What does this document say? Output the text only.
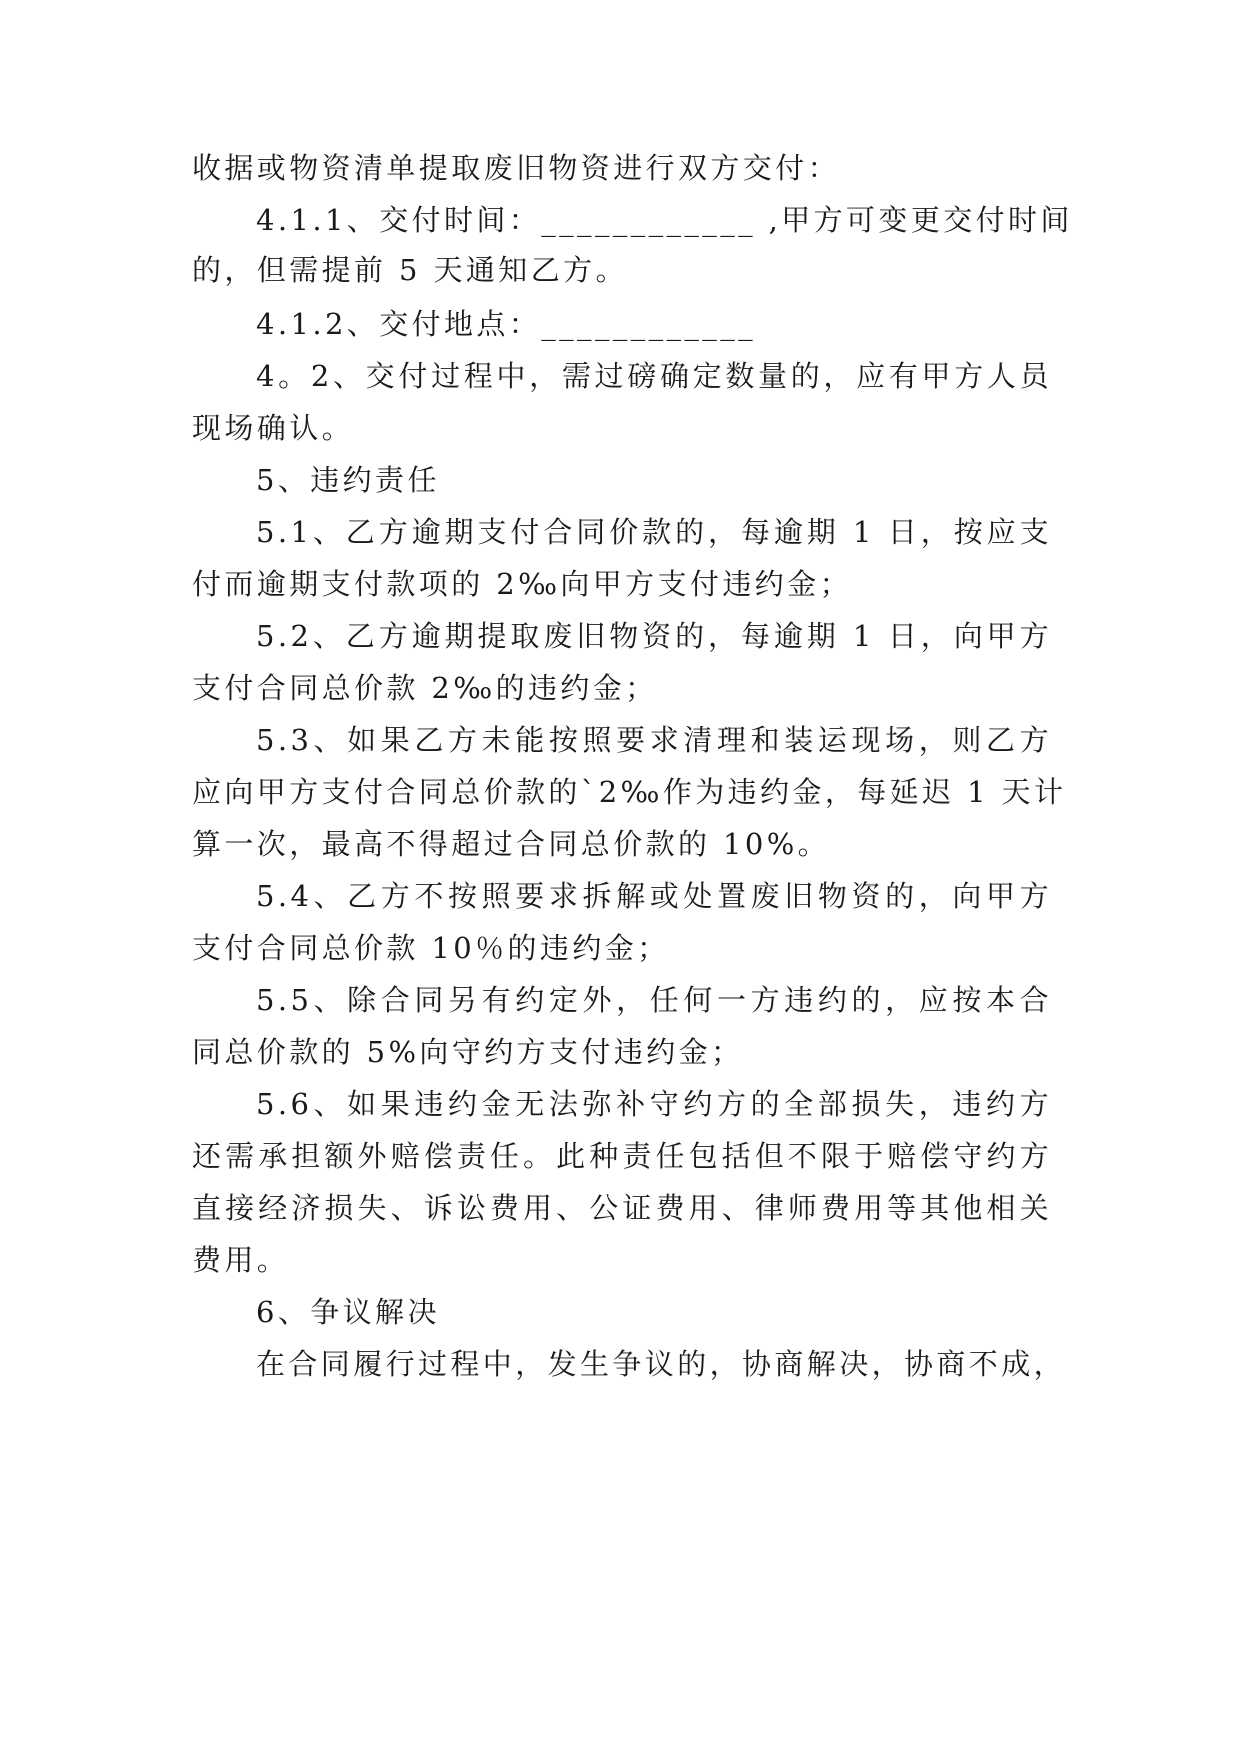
收据或物资清单提取废旧物资进行双方交付：
4.1.1、交付时间：____________ ,甲方可变更交付时间
的，但需提前 5 天通知乙方。
4.1.2、交付地点：____________
4。2、交付过程中，需过磅确定数量的，应有甲方人员
现场确认。
5、违约责任
5.1、乙方逾期支付合同价款的，每逾期 1 日，按应支
付而逾期支付款项的 2‰向甲方支付违约金；
5.2、乙方逾期提取废旧物资的，每逾期 1 日，向甲方
支付合同总价款 2‰的违约金；
5.3、如果乙方未能按照要求清理和装运现场，则乙方
应向甲方支付合同总价款的`2‰作为违约金，每延迟 1 天计
算一次，最高不得超过合同总价款的 10%。
5.4、乙方不按照要求拆解或处置废旧物资的，向甲方
支付合同总价款 10％的违约金；
5.5、除合同另有约定外，任何一方违约的，应按本合
同总价款的 5%向守约方支付违约金；
5.6、如果违约金无法弥补守约方的全部损失，违约方
还需承担额外赔偿责任。此种责任包括但不限于赔偿守约方
直接经济损失、诉讼费用、公证费用、律师费用等其他相关
费用。
6、争议解决
在合同履行过程中，发生争议的，协商解决，协商不成，
